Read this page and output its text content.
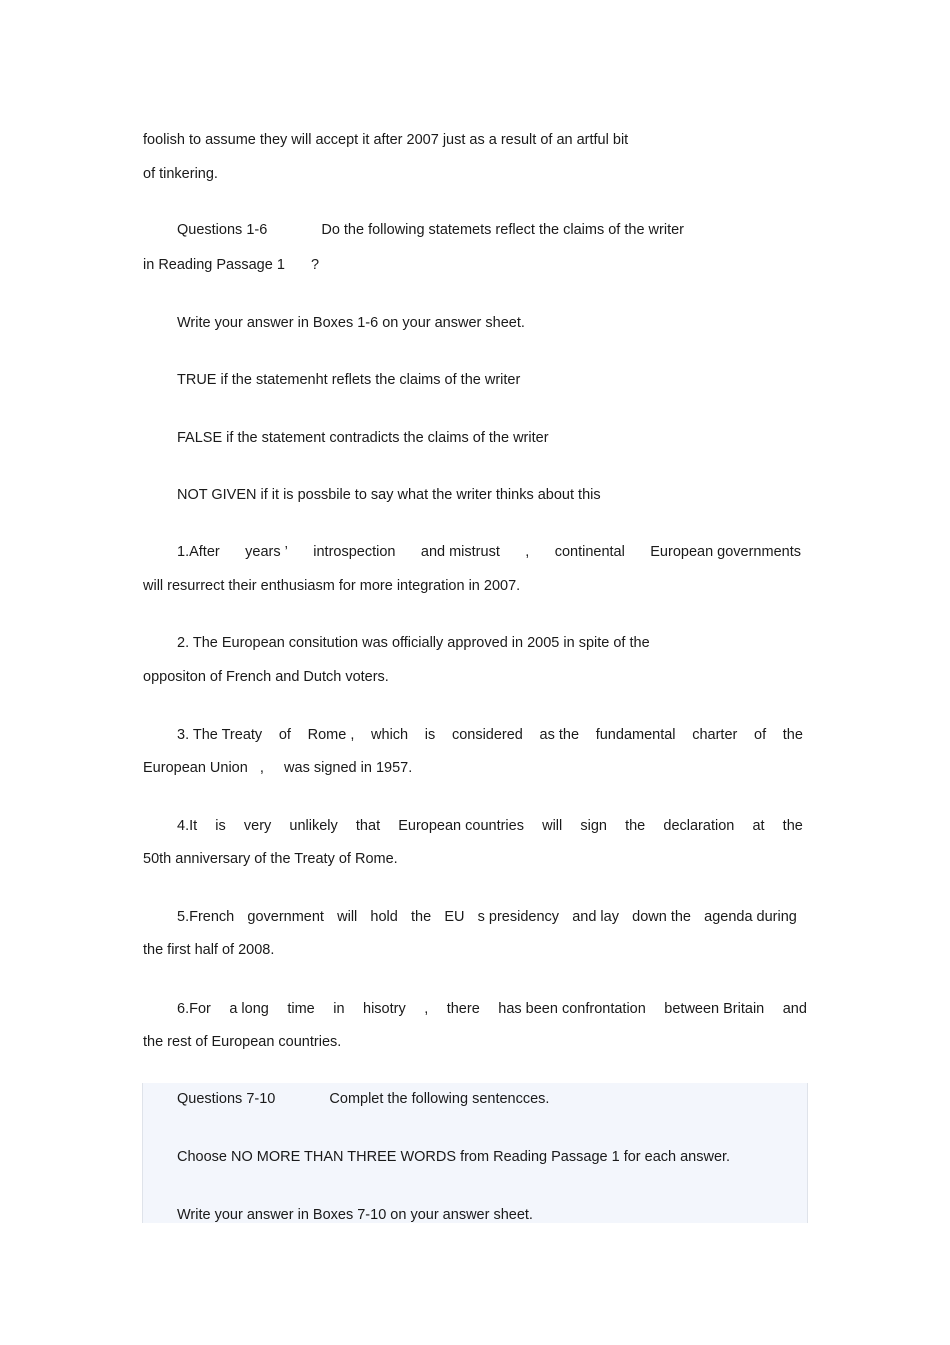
foolish to assume they will accept it after 2007 just as a result of an artful bit
of tinkering.
Questions 1-6	Do the following statemets reflect the claims of the writer
in Reading Passage 1 ?
Write your answer in Boxes 1-6 on your answer sheet.
TRUE if the statemenht reflets the claims of the writer
FALSE if the statement contradicts the claims of the writer
NOT GIVEN if it is possbile to say what the writer thinks about this
1.After years ’ introspection and mistrust , continental European governments
will resurrect their enthusiasm for more integration in 2007.
2. The European consitution was officially approved in 2005 in spite of the
oppositon of French and Dutch voters.
3. The Treaty of Rome , which is considered as the fundamental charter of the
European Union   ,     was signed in 1957.
4.It is very unlikely that European countries will sign the declaration at the
50th anniversary of the Treaty of Rome.
5.French government will hold the EU s presidency and lay down the agenda during
the first half of 2008.
6.For a long time in hisotry , there has been confrontation between Britain and
the rest of European countries.
Questions 7-10	Complet the following sentencces.
Choose NO MORE THAN THREE WORDS from Reading Passage 1 for each answer.
Write your answer in Boxes 7-10 on your answer sheet.
